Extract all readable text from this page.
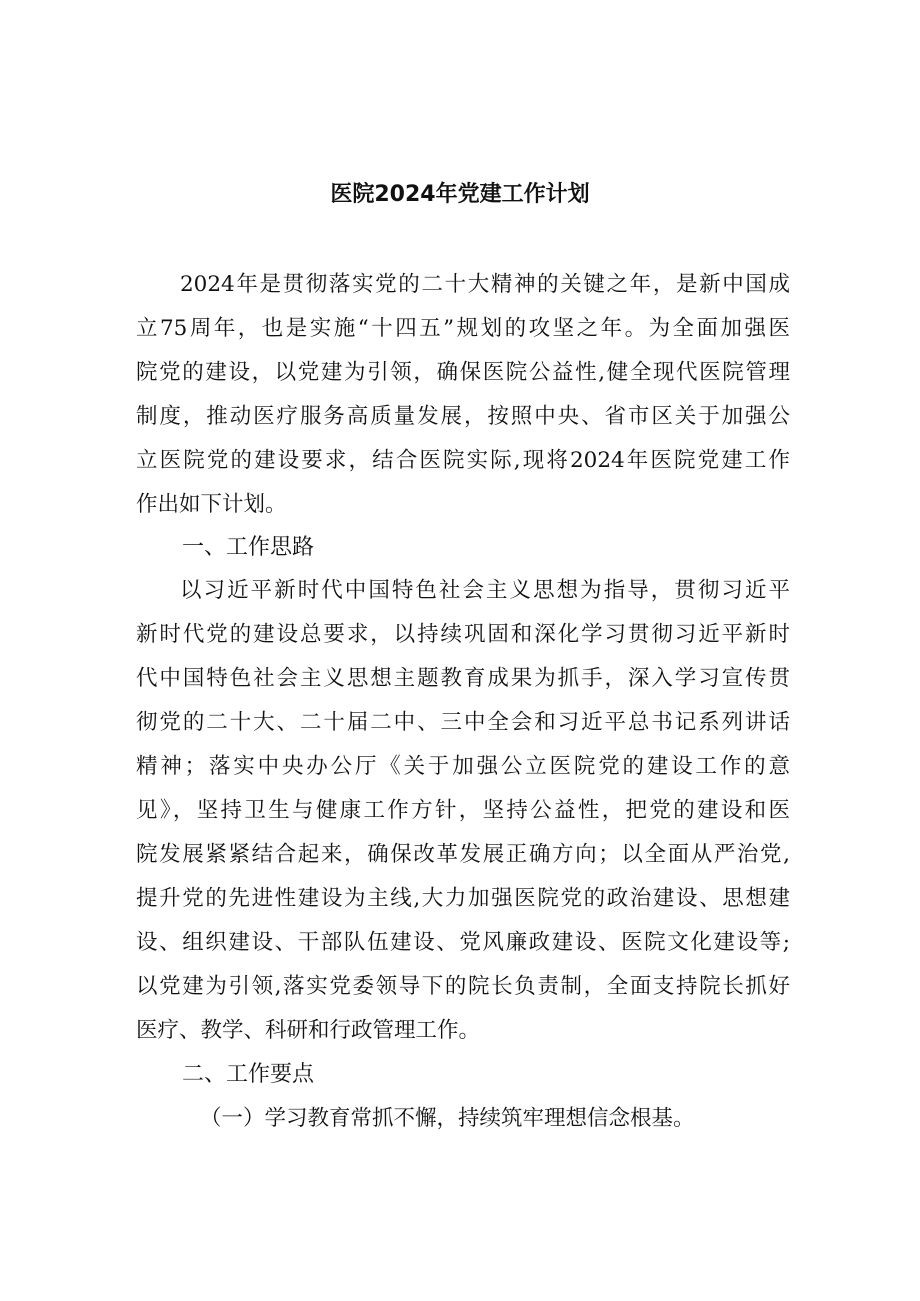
医院2024年党建工作计划
2024年是贯彻落实党的二十大精神的关键之年，是新中国成
立75周年，也是实施“十四五”规划的攻坚之年。为全面加强医
院党的建设，以党建为引领，确保医院公益性,健全现代医院管理
制度，推动医疗服务高质量发展，按照中央、省市区关于加强公
立医院党的建设要求，结合医院实际,现将2024年医院党建工作
作出如下计划。
一、工作思路
以习近平新时代中国特色社会主义思想为指导，贯彻习近平
新时代党的建设总要求，以持续巩固和深化学习贯彻习近平新时
代中国特色社会主义思想主题教育成果为抓手，深入学习宣传贯
彻党的二十大、二十届二中、三中全会和习近平总书记系列讲话
精神；落实中央办公厅《关于加强公立医院党的建设工作的意
见》，坚持卫生与健康工作方针，坚持公益性，把党的建设和医
院发展紧紧结合起来，确保改革发展正确方向；以全面从严治党,
提升党的先进性建设为主线,大力加强医院党的政治建设、思想建
设、组织建设、干部队伍建设、党风廉政建设、医院文化建设等;
以党建为引领,落实党委领导下的院长负责制，全面支持院长抓好
医疗、教学、科研和行政管理工作。
二、工作要点
（一）学习教育常抓不懈，持续筑牢理想信念根基。
